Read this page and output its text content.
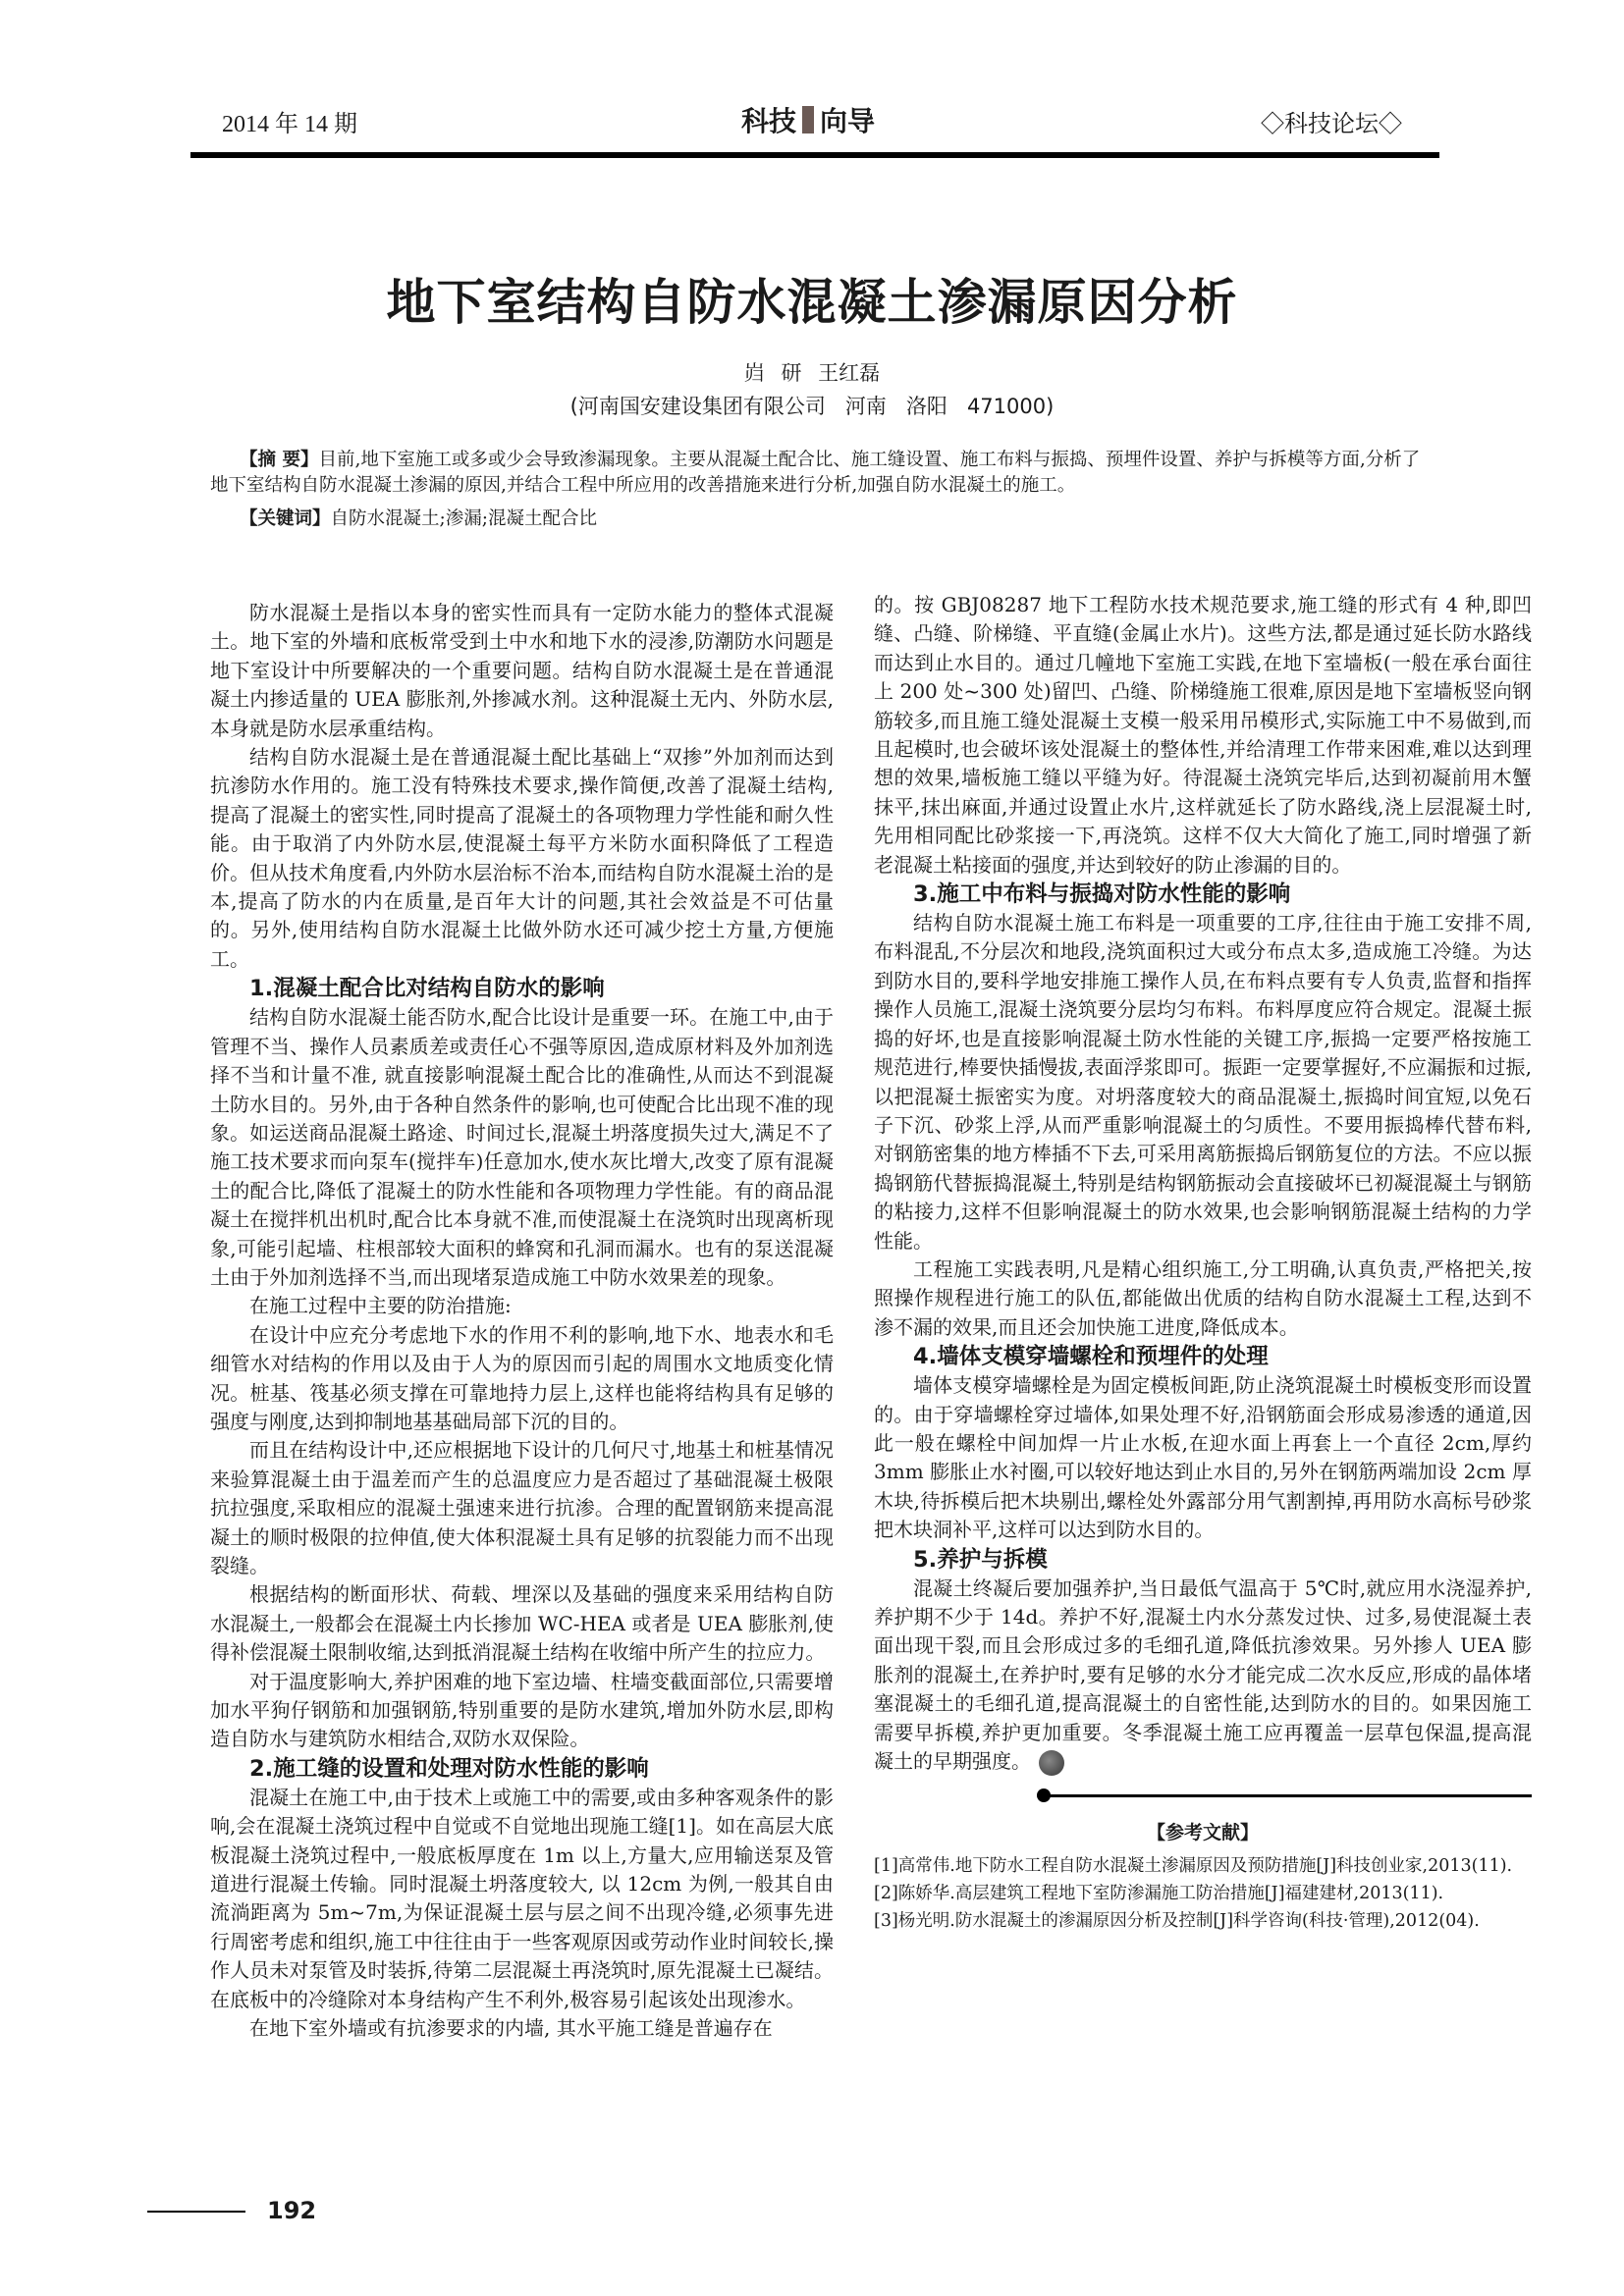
2014 年 14 期	科技 向导	◇科技论坛◇
地下室结构自防水混凝土渗漏原因分析
岿 研 王红磊
(河南国安建设集团有限公司   河南   洛阳   471000)
【摘 要】目前,地下室施工或多或少会导致渗漏现象。主要从混凝土配合比、施工缝设置、施工布料与振捣、预埋件设置、养护与拆模等方面,分析了地下室结构自防水混凝土渗漏的原因,并结合工程中所应用的改善措施来进行分析,加强自防水混凝土的施工。
【关键词】自防水混凝土;渗漏;混凝土配合比

防水混凝土是指以本身的密实性而具有一定防水能力的整体式混凝土。地下室的外墙和底板常受到土中水和地下水的浸渗,防潮防水问题是地下室设计中所要解决的一个重要问题。结构自防水混凝土是在普通混凝土内掺适量的 UEA 膨胀剂,外掺减水剂。这种混凝土无内、外防水层,本身就是防水层承重结构。

结构自防水混凝土是在普通混凝土配比基础上“双掺”外加剂而达到抗渗防水作用的。施工没有特殊技术要求,操作简便,改善了混凝土结构,提高了混凝土的密实性,同时提高了混凝土的各项物理力学性能和耐久性能。由于取消了内外防水层,使混凝土每平方米防水面积降低了工程造价。但从技术角度看,内外防水层治标不治本,而结构自防水混凝土治的是本,提高了防水的内在质量,是百年大计的问题,其社会效益是不可估量的。另外,使用结构自防水混凝土比做外防水还可减少挖土方量,方便施工。

1.混凝土配合比对结构自防水的影响

结构自防水混凝土能否防水,配合比设计是重要一环。在施工中,由于管理不当、操作人员素质差或责任心不强等原因,造成原材料及外加剂选择不当和计量不准, 就直接影响混凝土配合比的准确性,从而达不到混凝土防水目的。另外,由于各种自然条件的影响,也可使配合比出现不准的现象。如运送商品混凝土路途、时间过长,混凝土坍落度损失过大,满足不了施工技术要求而向泵车(搅拌车)任意加水,使水灰比增大,改变了原有混凝土的配合比,降低了混凝土的防水性能和各项物理力学性能。有的商品混凝土在搅拌机出机时,配合比本身就不准,而使混凝土在浇筑时出现离析现象,可能引起墙、柱根部较大面积的蜂窝和孔洞而漏水。也有的泵送混凝土由于外加剂选择不当,而出现堵泵造成施工中防水效果差的现象。

在施工过程中主要的防治措施:

在设计中应充分考虑地下水的作用不利的影响,地下水、地表水和毛细管水对结构的作用以及由于人为的原因而引起的周围水文地质变化情况。桩基、筏基必须支撑在可靠地持力层上,这样也能将结构具有足够的强度与刚度,达到抑制地基基础局部下沉的目的。

而且在结构设计中,还应根据地下设计的几何尺寸,地基土和桩基情况来验算混凝土由于温差而产生的总温度应力是否超过了基础混凝土极限抗拉强度,采取相应的混凝土强速来进行抗渗。合理的配置钢筋来提高混凝土的顺时极限的拉伸值,使大体积混凝土具有足够的抗裂能力而不出现裂缝。

根据结构的断面形状、荷载、埋深以及基础的强度来采用结构自防水混凝土,一般都会在混凝土内长掺加 WC-HEA 或者是 UEA 膨胀剂,使得补偿混凝土限制收缩,达到抵消混凝土结构在收缩中所产生的拉应力。

对于温度影响大,养护困难的地下室边墙、柱墙变截面部位,只需要增加水平狗仔钢筋和加强钢筋,特别重要的是防水建筑,增加外防水层,即构造自防水与建筑防水相结合,双防水双保险。

2.施工缝的设置和处理对防水性能的影响

混凝土在施工中,由于技术上或施工中的需要,或由多种客观条件的影响,会在混凝土浇筑过程中自觉或不自觉地出现施工缝[1]。如在高层大底板混凝土浇筑过程中,一般底板厚度在 1m 以上,方量大,应用输送泵及管道进行混凝土传输。同时混凝土坍落度较大, 以 12cm 为例,一般其自由流淌距离为 5m~7m,为保证混凝土层与层之间不出现冷缝,必须事先进行周密考虑和组织,施工中往往由于一些客观原因或劳动作业时间较长,操作人员未对泵管及时装拆,待第二层混凝土再浇筑时,原先混凝土已凝结。在底板中的冷缝除对本身结构产生不利外,极容易引起该处出现渗水。

在地下室外墙或有抗渗要求的内墙, 其水平施工缝是普遍存在

的。按 GBJ08287 地下工程防水技术规范要求,施工缝的形式有 4 种,即凹缝、凸缝、阶梯缝、平直缝(金属止水片)。这些方法,都是通过延长防水路线而达到止水目的。通过几幢地下室施工实践,在地下室墙板(一般在承台面往上 200 处~300 处)留凹、凸缝、阶梯缝施工很难,原因是地下室墙板竖向钢筋较多,而且施工缝处混凝土支模一般采用吊模形式,实际施工中不易做到,而且起模时,也会破坏该处混凝土的整体性,并给清理工作带来困难,难以达到理想的效果,墙板施工缝以平缝为好。待混凝土浇筑完毕后,达到初凝前用木蟹抹平,抹出麻面,并通过设置止水片,这样就延长了防水路线,浇上层混凝土时,先用相同配比砂浆接一下,再浇筑。这样不仅大大简化了施工,同时增强了新老混凝土粘接面的强度,并达到较好的防止渗漏的目的。

3.施工中布料与振捣对防水性能的影响

结构自防水混凝土施工布料是一项重要的工序,往往由于施工安排不周,布料混乱,不分层次和地段,浇筑面积过大或分布点太多,造成施工冷缝。为达到防水目的,要科学地安排施工操作人员,在布料点要有专人负责,监督和指挥操作人员施工,混凝土浇筑要分层均匀布料。布料厚度应符合规定。混凝土振捣的好坏,也是直接影响混凝土防水性能的关键工序,振捣一定要严格按施工规范进行,棒要快插慢拔,表面浮浆即可。振距一定要掌握好,不应漏振和过振,以把混凝土振密实为度。对坍落度较大的商品混凝土,振捣时间宜短,以免石子下沉、砂浆上浮,从而严重影响混凝土的匀质性。不要用振捣棒代替布料,对钢筋密集的地方棒插不下去,可采用离筋振捣后钢筋复位的方法。不应以振捣钢筋代替振捣混凝土,特别是结构钢筋振动会直接破坏已初凝混凝土与钢筋的粘接力,这样不但影响混凝土的防水效果,也会影响钢筋混凝土结构的力学性能。

工程施工实践表明,凡是精心组织施工,分工明确,认真负责,严格把关,按照操作规程进行施工的队伍,都能做出优质的结构自防水混凝土工程,达到不渗不漏的效果,而且还会加快施工进度,降低成本。

4.墙体支模穿墙螺栓和预埋件的处理

墙体支模穿墙螺栓是为固定模板间距,防止浇筑混凝土时模板变形而设置的。由于穿墙螺栓穿过墙体,如果处理不好,沿钢筋面会形成易渗透的通道,因此一般在螺栓中间加焊一片止水板,在迎水面上再套上一个直径 2cm,厚约 3mm 膨胀止水衬圈,可以较好地达到止水目的,另外在钢筋两端加设 2cm 厚木块,待拆模后把木块剔出,螺栓处外露部分用气割割掉,再用防水高标号砂浆把木块洞补平,这样可以达到防水目的。

5.养护与拆模

混凝土终凝后要加强养护,当日最低气温高于 5℃时,就应用水浇湿养护,养护期不少于 14d。养护不好,混凝土内水分蒸发过快、过多,易使混凝土表面出现干裂,而且会形成过多的毛细孔道,降低抗渗效果。另外掺人 UEA 膨胀剂的混凝土,在养护时,要有足够的水分才能完成二次水反应,形成的晶体堵塞混凝土的毛细孔道,提高混凝土的自密性能,达到防水的目的。如果因施工需要早拆模,养护更加重要。冬季混凝土施工应再覆盖一层草包保温,提高混凝土的早期强度。	科

【参考文献】

[1]高常伟.地下防水工程自防水混凝土渗漏原因及预防措施[J]科技创业家,2013(11).

[2]陈娇华.高层建筑工程地下室防渗漏施工防治措施[J]福建建材,2013(11).

[3]杨光明.防水混凝土的渗漏原因分析及控制[J]科学咨询(科技·管理),2012(04).

192
